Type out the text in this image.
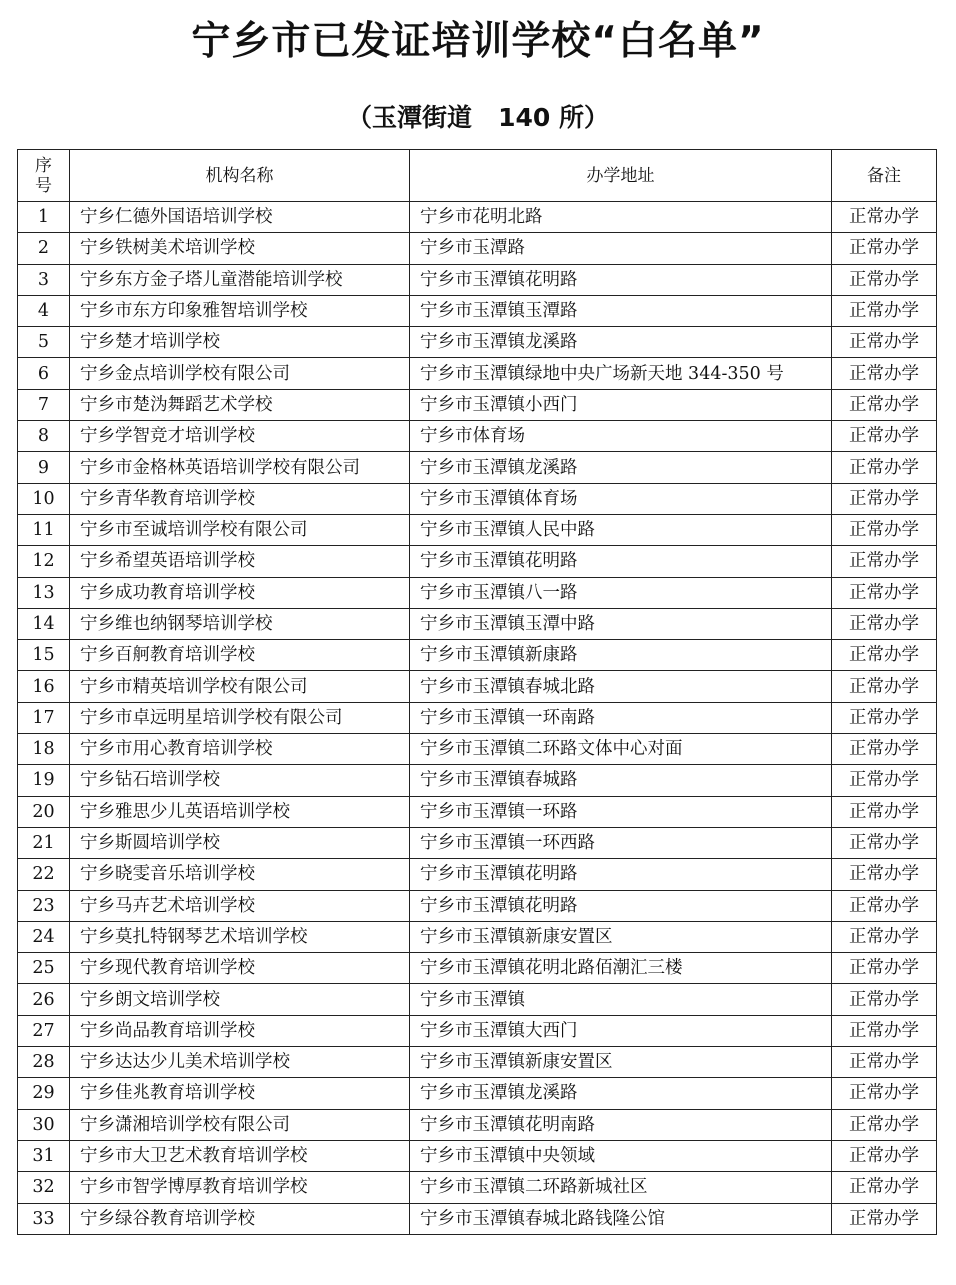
宁乡市已发证培训学校“白名单”
（玉潭街道   140 所）
序
号	机构名称	办学地址	备注
1	宁乡仁德外国语培训学校	宁乡市花明北路	正常办学
2	宁乡铁树美术培训学校	宁乡市玉潭路	正常办学
3	宁乡东方金子塔儿童潜能培训学校	宁乡市玉潭镇花明路	正常办学
4	宁乡市东方印象雅智培训学校	宁乡市玉潭镇玉潭路	正常办学
5	宁乡楚才培训学校	宁乡市玉潭镇龙溪路	正常办学
6	宁乡金点培训学校有限公司	宁乡市玉潭镇绿地中央广场新天地 344-350 号	正常办学
7	宁乡市楚沩舞蹈艺术学校	宁乡市玉潭镇小西门	正常办学
8	宁乡学智竞才培训学校	宁乡市体育场	正常办学
9	宁乡市金格林英语培训学校有限公司	宁乡市玉潭镇龙溪路	正常办学
10	宁乡青华教育培训学校	宁乡市玉潭镇体育场	正常办学
11	宁乡市至诚培训学校有限公司	宁乡市玉潭镇人民中路	正常办学
12	宁乡希望英语培训学校	宁乡市玉潭镇花明路	正常办学
13	宁乡成功教育培训学校	宁乡市玉潭镇八一路	正常办学
14	宁乡维也纳钢琴培训学校	宁乡市玉潭镇玉潭中路	正常办学
15	宁乡百舸教育培训学校	宁乡市玉潭镇新康路	正常办学
16	宁乡市精英培训学校有限公司	宁乡市玉潭镇春城北路	正常办学
17	宁乡市卓远明星培训学校有限公司	宁乡市玉潭镇一环南路	正常办学
18	宁乡市用心教育培训学校	宁乡市玉潭镇二环路文体中心对面	正常办学
19	宁乡钻石培训学校	宁乡市玉潭镇春城路	正常办学
20	宁乡雅思少儿英语培训学校	宁乡市玉潭镇一环路	正常办学
21	宁乡斯圆培训学校	宁乡市玉潭镇一环西路	正常办学
22	宁乡晓雯音乐培训学校	宁乡市玉潭镇花明路	正常办学
23	宁乡马卉艺术培训学校	宁乡市玉潭镇花明路	正常办学
24	宁乡莫扎特钢琴艺术培训学校	宁乡市玉潭镇新康安置区	正常办学
25	宁乡现代教育培训学校	宁乡市玉潭镇花明北路佰潮汇三楼	正常办学
26	宁乡朗文培训学校	宁乡市玉潭镇	正常办学
27	宁乡尚品教育培训学校	宁乡市玉潭镇大西门	正常办学
28	宁乡达达少儿美术培训学校	宁乡市玉潭镇新康安置区	正常办学
29	宁乡佳兆教育培训学校	宁乡市玉潭镇龙溪路	正常办学
30	宁乡潇湘培训学校有限公司	宁乡市玉潭镇花明南路	正常办学
31	宁乡市大卫艺术教育培训学校	宁乡市玉潭镇中央领域	正常办学
32	宁乡市智学博厚教育培训学校	宁乡市玉潭镇二环路新城社区	正常办学
33	宁乡绿谷教育培训学校	宁乡市玉潭镇春城北路钱隆公馆	正常办学
